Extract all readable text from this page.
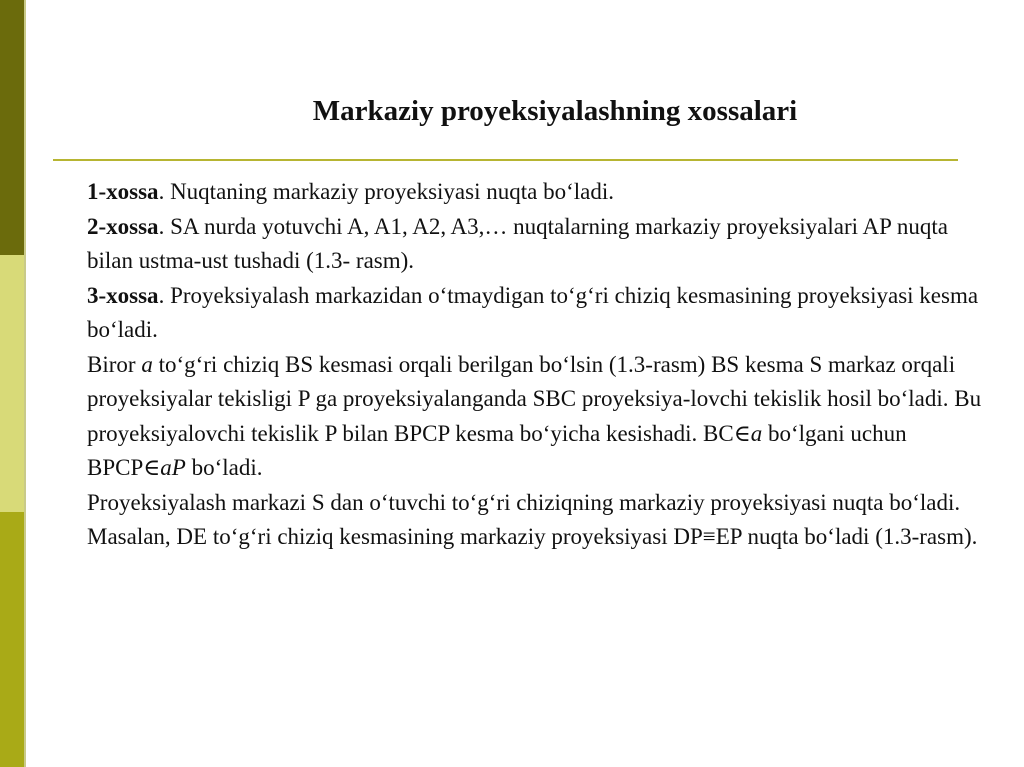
Markaziy proyeksiyalashning xossalari

1-xossa. Nuqtaning markaziy proyeksiyasi nuqta bo‘ladi.

2-xossa. SA nurda yotuvchi A, A1, A2, A3,… nuqtalarning markaziy proyeksiyalari AP nuqta bilan ustma-ust tushadi (1.3- rasm).

3-xossa. Proyeksiyalash markazidan o‘tmaydigan to‘g‘ri chiziq kesmasining proyeksiyasi kesma bo‘ladi.

Biror a to‘g‘ri chiziq BS kesmasi orqali berilgan bo‘lsin (1.3-rasm) BS kesma S markaz orqali proyeksiyalar tekisligi P ga proyeksiyalanganda SBC proyeksiya-lovchi tekislik hosil bo‘ladi. Bu proyeksiyalovchi tekislik P bilan BPCP kesma bo‘yicha kesishadi. BC∈a bo‘lgani uchun BPCP∈aP bo‘ladi.

Proyeksiyalash markazi S dan o‘tuvchi to‘g‘ri chiziqning markaziy proyeksiyasi nuqta bo‘ladi. Masalan, DE to‘g‘ri chiziq kesmasining markaziy proyeksiyasi DP≡EP nuqta bo‘ladi (1.3-rasm).
